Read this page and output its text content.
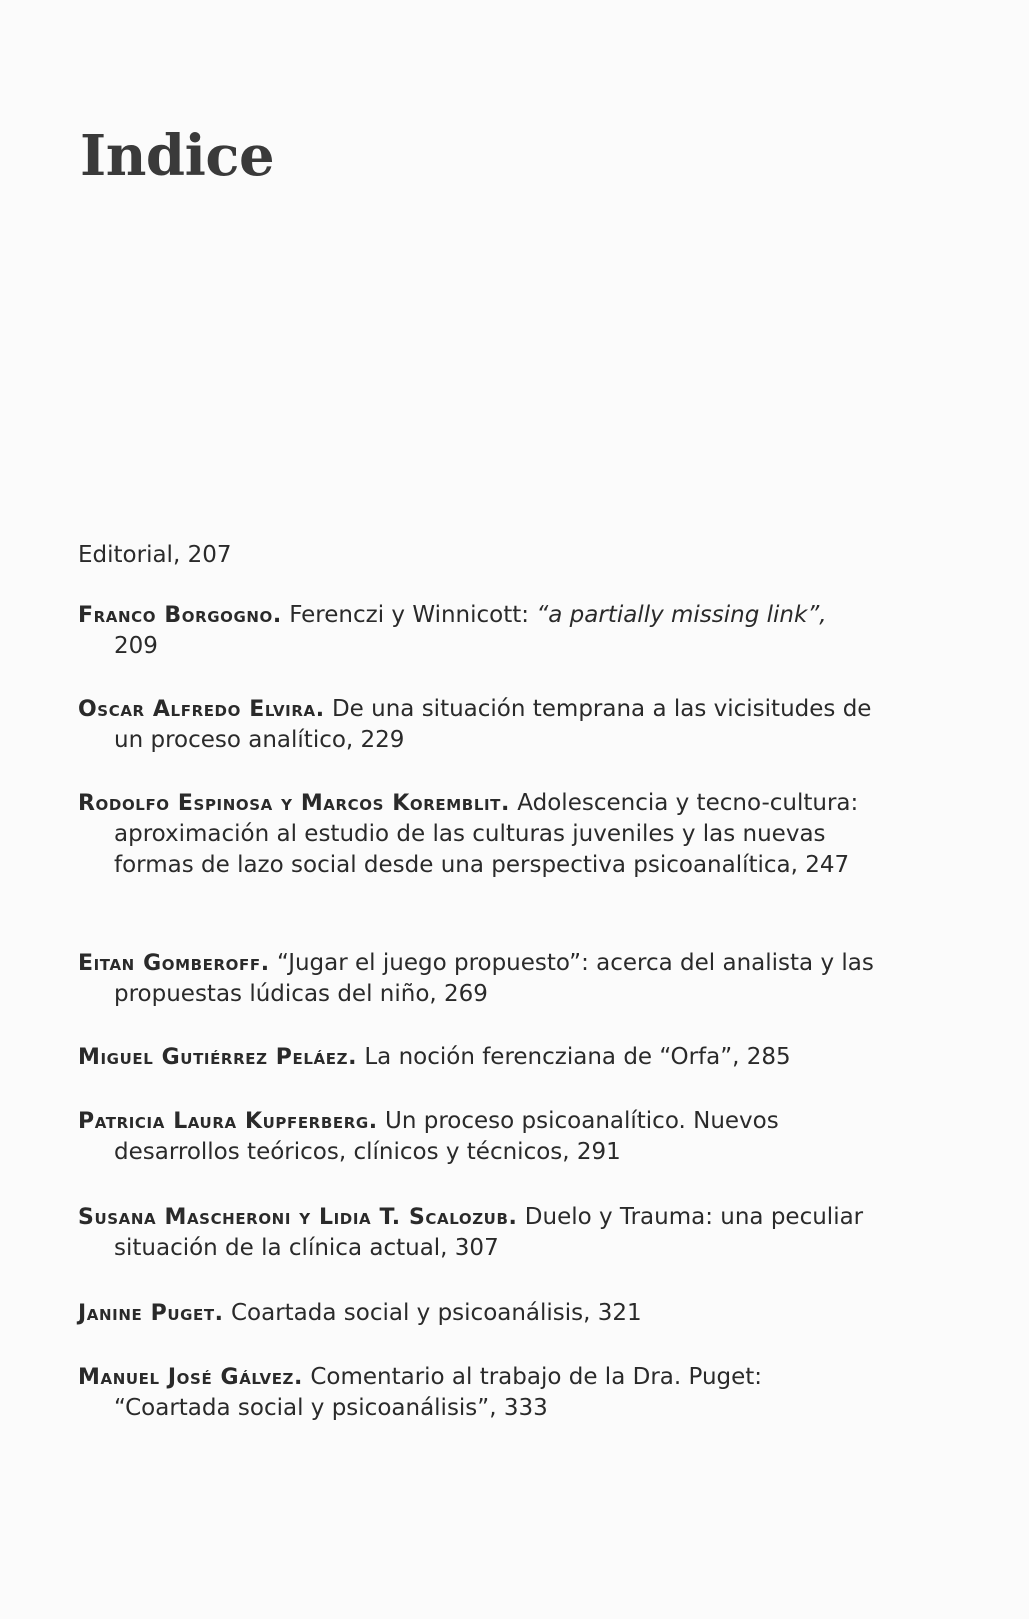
Indice
Editorial, 207
Franco Borgogno. Ferenczi y Winnicott: “a partially missing link”, 209
Oscar Alfredo Elvira. De una situación temprana a las vicisitudes de un proceso analítico, 229
Rodolfo Espinosa y Marcos Koremblit. Adolescencia y tecno-cultura: aproximación al estudio de las culturas juveniles y las nuevas formas de lazo social desde una perspectiva psicoanalítica, 247
Eitan Gomberoff. “Jugar el juego propuesto”: acerca del analista y las propuestas lúdicas del niño, 269
Miguel Gutiérrez Peláez. La noción ferencziana de “Orfa”, 285
Patricia Laura Kupferberg. Un proceso psicoanalítico. Nuevos desarrollos teóricos, clínicos y técnicos, 291
Susana Mascheroni y Lidia T. Scalozub. Duelo y Trauma: una peculiar situación de la clínica actual, 307
Janine Puget. Coartada social y psicoanálisis, 321
Manuel José Gálvez. Comentario al trabajo de la Dra. Puget: “Coartada social y psicoanálisis”, 333
